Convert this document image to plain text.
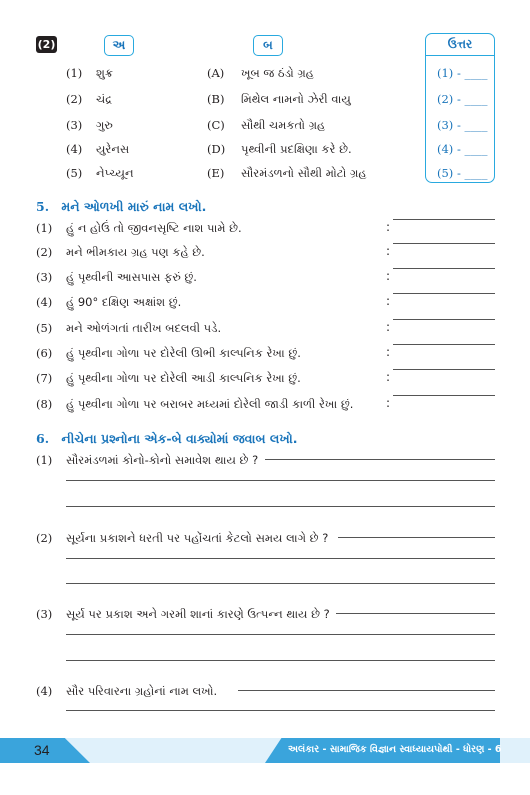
(2)	અ	બ	ઉત્તર
(1) શુક્ર	(A) ખૂબ જ ઠંડો ગ્રહ	(1) - ____
(2) ચંદ્ર	(B) મિથેલ નામનો ઝેરી વાયુ	(2) - ____
(3) ગુરુ	(C) સૌથી ચમકતો ગ્રહ	(3) - ____
(4) યુરેનસ	(D) પૃથ્વીની પ્રદક્ષિણા કરે છે.	(4) - ____
(5) નેપ્ચ્યૂન	(E) સૌરમંડળનો સૌથી મોટો ગ્રહ	(5) - ____
5. મને ઓળખી મારું નામ લખો.
(1) હું ન હોઉં તો જીવનસૃષ્ટિ નાશ પામે છે.	:
(2) મને ભીમકાય ગ્રહ પણ કહે છે.	:
(3) હું પૃથ્વીની આસપાસ ફરું છું.	:
(4) હું 90° દક્ષિણ અક્ષાંશ છું.	:
(5) મને ઓળંગતાં તારીખ બદલવી પડે.	:
(6) હું પૃથ્વીના ગોળા પર દોરેલી ઊભી કાલ્પનિક રેખા છું.	:
(7) હું પૃથ્વીના ગોળા પર દોરેલી આડી કાલ્પનિક રેખા છું.	:
(8) હું પૃથ્વીના ગોળા પર બરાબર મધ્યમાં દોરેલી જાડી કાળી રેખા છું.	:
6. નીચેના પ્રશ્નોના એક-બે વાક્યોમાં જવાબ લખો.
(1) સૌરમંડળમાં કોનો-કોનો સમાવેશ થાય છે ?
(2) સૂર્યના પ્રકાશને ધરતી પર પહોંચતાં કેટલો સમય લાગે છે ?
(3) સૂર્ય પર પ્રકાશ અને ગરમી શાનાં કારણે ઉત્પન્ન થાય છે ?
(4) સૌર પરિવારના ગ્રહોનાં નામ લખો.
34	અલંકાર - સામાજિક વિજ્ઞાન સ્વાધ્યાયપોથી - ધોરણ - 6
